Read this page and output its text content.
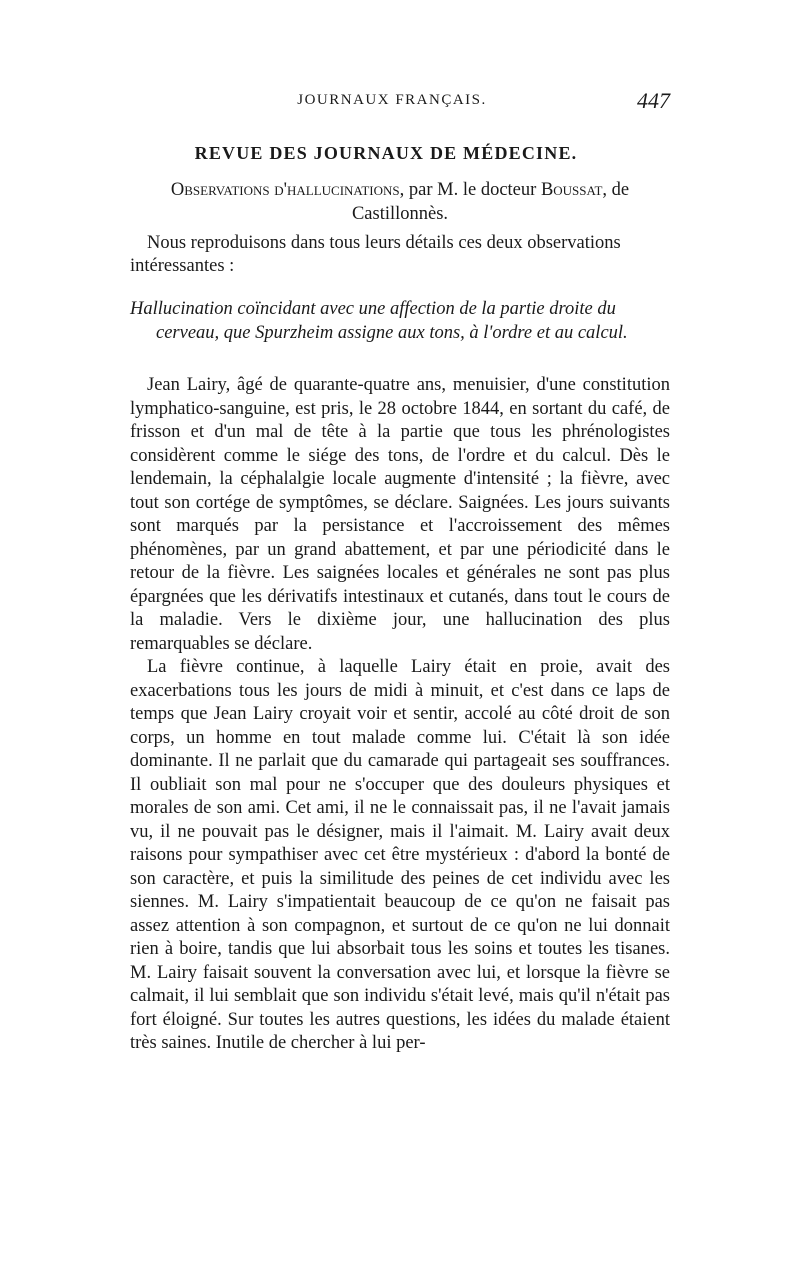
JOURNAUX FRANÇAIS.	447
REVUE DES JOURNAUX DE MÉDECINE.
Observations d'hallucinations, par M. le docteur Boussat, de Castillonnès.

Nous reproduisons dans tous leurs détails ces deux observations intéressantes :

Hallucination coïncidant avec une affection de la partie droite du cerveau, que Spurzheim assigne aux tons, à l'ordre et au calcul.

Jean Lairy, âgé de quarante-quatre ans, menuisier, d'une constitution lymphatico-sanguine, est pris, le 28 octobre 1844, en sortant du café, de frisson et d'un mal de tête à la partie que tous les phrénologistes considèrent comme le siége des tons, de l'ordre et du calcul. Dès le lendemain, la céphalalgie locale augmente d'intensité ; la fièvre, avec tout son cortége de symptômes, se déclare. Saignées. Les jours suivants sont marqués par la persistance et l'accroissement des mêmes phénomènes, par un grand abattement, et par une périodicité dans le retour de la fièvre. Les saignées locales et générales ne sont pas plus épargnées que les dérivatifs intestinaux et cutanés, dans tout le cours de la maladie. Vers le dixième jour, une hallucination des plus remarquables se déclare.

La fièvre continue, à laquelle Lairy était en proie, avait des exacerbations tous les jours de midi à minuit, et c'est dans ce laps de temps que Jean Lairy croyait voir et sentir, accolé au côté droit de son corps, un homme en tout malade comme lui. C'était là son idée dominante. Il ne parlait que du camarade qui partageait ses souffrances. Il oubliait son mal pour ne s'occuper que des douleurs physiques et morales de son ami. Cet ami, il ne le connaissait pas, il ne l'avait jamais vu, il ne pouvait pas le désigner, mais il l'aimait. M. Lairy avait deux raisons pour sympathiser avec cet être mystérieux : d'abord la bonté de son caractère, et puis la similitude des peines de cet individu avec les siennes. M. Lairy s'impatientait beaucoup de ce qu'on ne faisait pas assez attention à son compagnon, et surtout de ce qu'on ne lui donnait rien à boire, tandis que lui absorbait tous les soins et toutes les tisanes. M. Lairy faisait souvent la conversation avec lui, et lorsque la fièvre se calmait, il lui semblait que son individu s'était levé, mais qu'il n'était pas fort éloigné. Sur toutes les autres questions, les idées du malade étaient très saines. Inutile de chercher à lui per-
